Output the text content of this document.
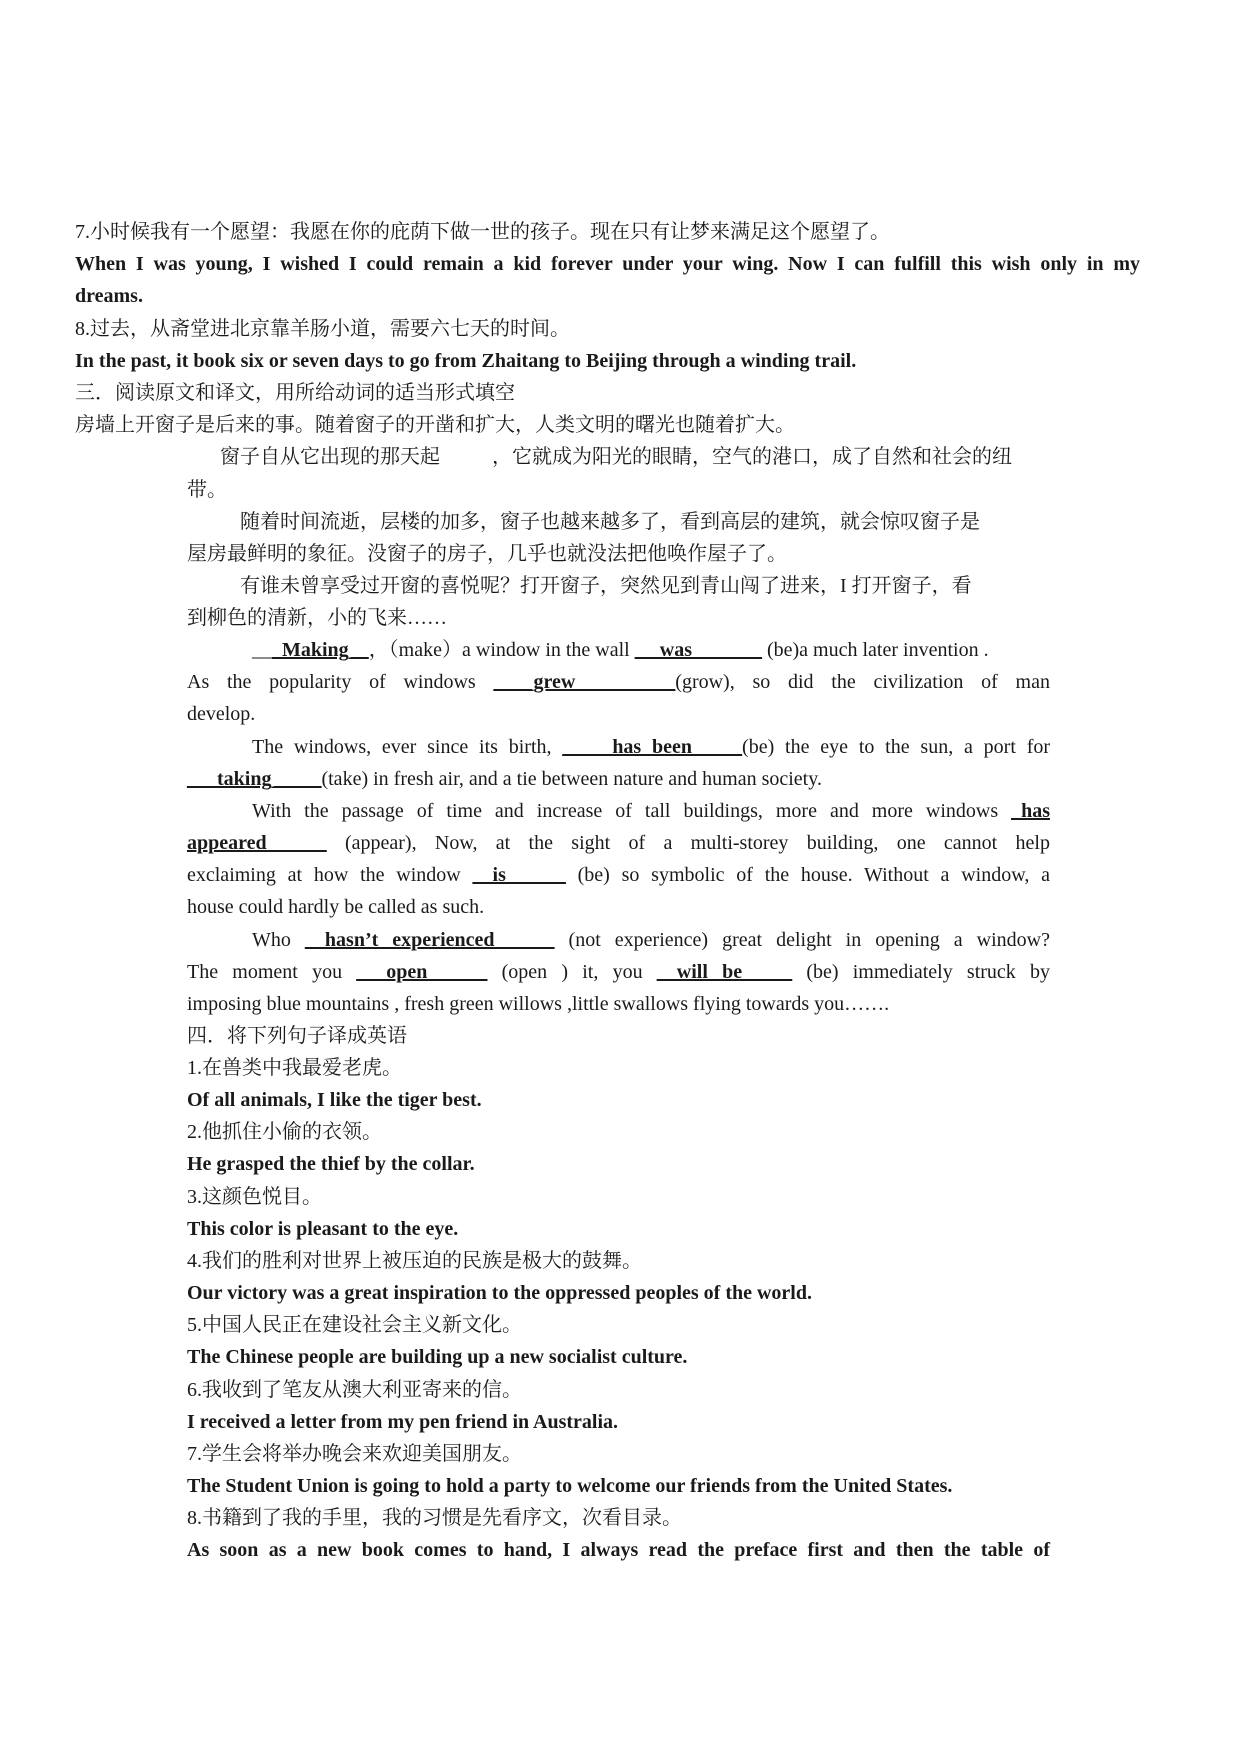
7.小时候我有一个愿望：我愿在你的庇荫下做一世的孩子。现在只有让梦来满足这个愿望了。
When I was young, I wished I could remain a kid forever under your wing. Now I can fulfill this wish only in my
dreams.
8.过去，从斋堂进北京靠羊肠小道，需要六七天的时间。
In the past, it book six or seven days to go from Zhaitang to Beijing through a winding trail.
三．阅读原文和译文，用所给动词的适当形式填空
房墙上开窗子是后来的事。随着窗子的开凿和扩大，人类文明的曙光也随着扩大。
窗子自从它出现的那天起	，它就成为阳光的眼睛，空气的港口，成了自然和社会的纽
带。
随着时间流逝，层楼的加多，窗子也越来越多了，看到高层的建筑，就会惊叹窗子是
屋房最鲜明的象征。没窗子的房子，几乎也就没法把他唤作屋子了。
有谁未曾享受过开窗的喜悦呢？打开窗子，突然见到青山闯了进来，I 打开窗子，看
到柳色的清新，小的飞来……
___Making__，（make）a window in the wall _ _was_______ (be)a much later invention .
As the popularity of windows ____grew__________(grow), so did the civilization of man
develop.
The windows, ever since its birth, _____has been_____(be) the eye to the sun, a port for
___taking_____(take) in fresh air, and a tie between nature and human society.
With the passage of time and increase of tall buildings, more and more windows _has
appeared______ (appear), Now, at the sight of a multi-storey building, one cannot help
exclaiming at how the window __is______ (be) so symbolic of the house. Without a window, a
house could hardly be called as such.
Who __hasn’t experienced______ (not experience) great delight in opening a window?
The moment you ___open______ (open ) it, you __will be_____ (be) immediately struck by
imposing blue mountains , fresh green willows ,little swallows flying towards you…….
四．将下列句子译成英语
1.在兽类中我最爱老虎。
Of all animals, I like the tiger best.
2.他抓住小偷的衣领。
He grasped the thief by the collar.
3.这颜色悦目。
This color is pleasant to the eye.
4.我们的胜利对世界上被压迫的民族是极大的鼓舞。
Our victory was a great inspiration to the oppressed peoples of the world.
5.中国人民正在建设社会主义新文化。
The Chinese people are building up a new socialist culture.
6.我收到了笔友从澳大利亚寄来的信。
I received a letter from my pen friend in Australia.
7.学生会将举办晚会来欢迎美国朋友。
The Student Union is going to hold a party to welcome our friends from the United States.
8.书籍到了我的手里，我的习惯是先看序文，次看目录。
As soon as a new book comes to hand, I always read the preface first and then the table of
